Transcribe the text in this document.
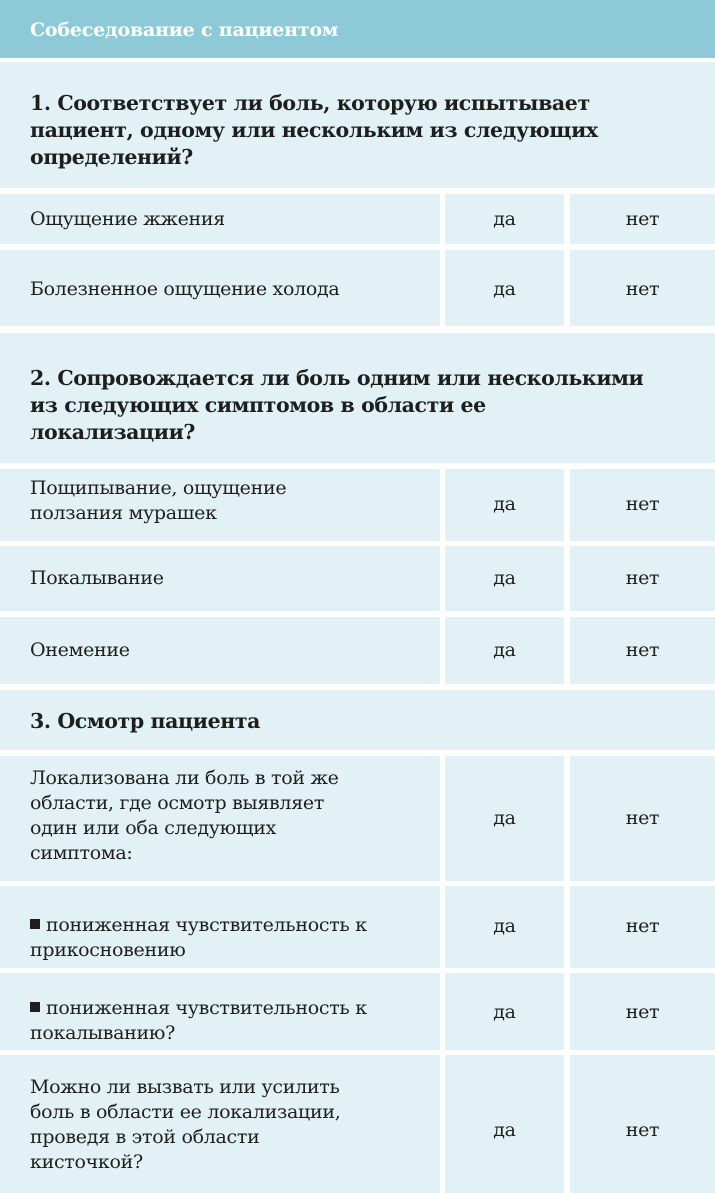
Собеседование с пациентом
1. Соответствует ли боль, которую испытывает
пациент, одному или нескольким из следующих
определений?
Ощущение жжения	да	нет
Болезненное ощущение холода	да	нет
2. Сопровождается ли боль одним или несколькими
из следующих симптомов в области ее
локализации?
Пощипывание, ощущение
ползания мурашек	да	нет
Покалывание	да	нет
Онемение	да	нет
3. Осмотр пациента
Локализована ли боль в той же
области, где осмотр выявляет
один или оба следующих
симптома:
да	нет
пониженная чувствительность к
прикосновению
да	нет
пониженная чувствительность к
покалыванию?
да	нет
Можно ли вызвать или усилить
боль в области ее локализации,
проведя в этой области
кисточкой?
да	нет
